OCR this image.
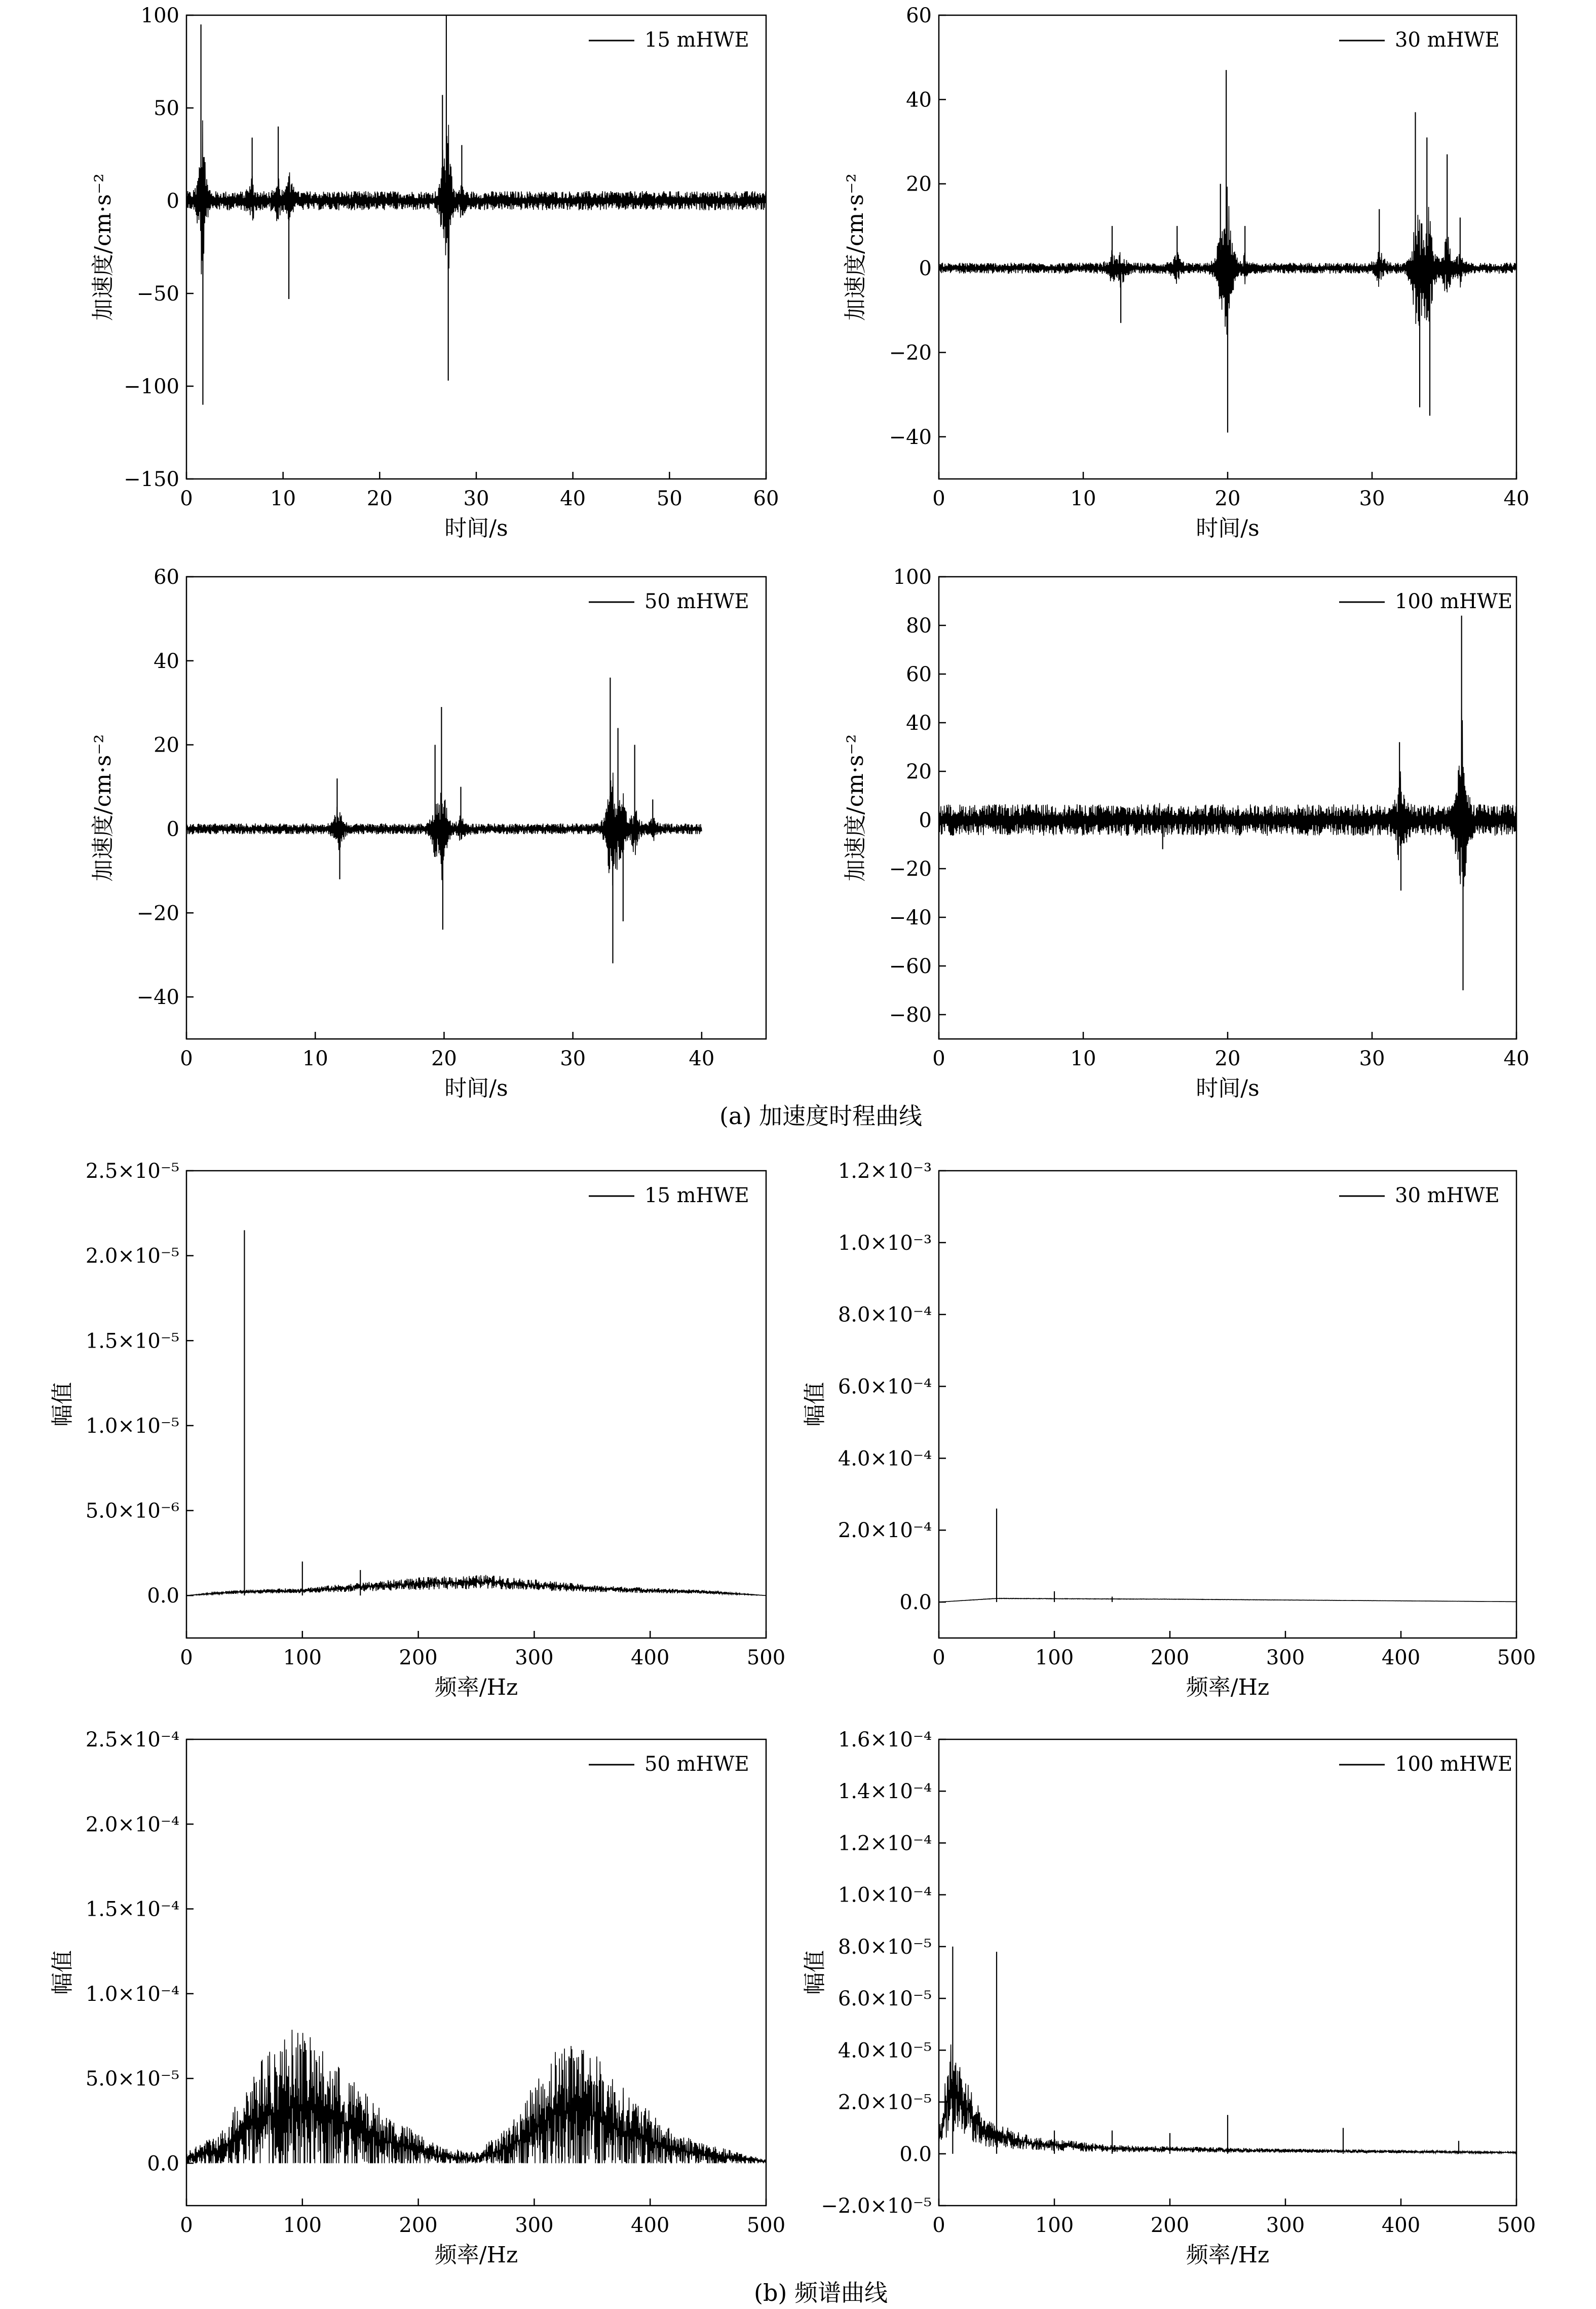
0	10	20	30	40	50	60
100
50
0
−50
−100
−150
时间/s
加速度/cm·s⁻²
15 mHWE
0	10	20	30	40
60
40
20
0
−20
−40
时间/s
加速度/cm·s⁻²
30 mHWE
0	10	20	30	40
60
40
20
0
−20
−40
时间/s
加速度/cm·s⁻²
50 mHWE
0	10	20	30	40
100
80
60
40
20
0
−20
−40
−60
−80
时间/s
加速度/cm·s⁻²
100 mHWE
0	100	200	300	400	500
2.5×10⁻⁵
2.0×10⁻⁵
1.5×10⁻⁵
1.0×10⁻⁵
5.0×10⁻⁶
0.0
频率/Hz
幅值
15 mHWE
0	100	200	300	400	500
1.2×10⁻³
1.0×10⁻³
8.0×10⁻⁴
6.0×10⁻⁴
4.0×10⁻⁴
2.0×10⁻⁴
0.0
频率/Hz
幅值
30 mHWE
0	100	200	300	400	500
2.5×10⁻⁴
2.0×10⁻⁴
1.5×10⁻⁴
1.0×10⁻⁴
5.0×10⁻⁵
0.0
频率/Hz
幅值
50 mHWE
0	100	200	300	400	500
1.6×10⁻⁴
1.4×10⁻⁴
1.2×10⁻⁴
1.0×10⁻⁴
8.0×10⁻⁵
6.0×10⁻⁵
4.0×10⁻⁵
2.0×10⁻⁵
0.0
−2.0×10⁻⁵
频率/Hz
幅值
100 mHWE
(a) 加速度时程曲线
(b) 频谱曲线
